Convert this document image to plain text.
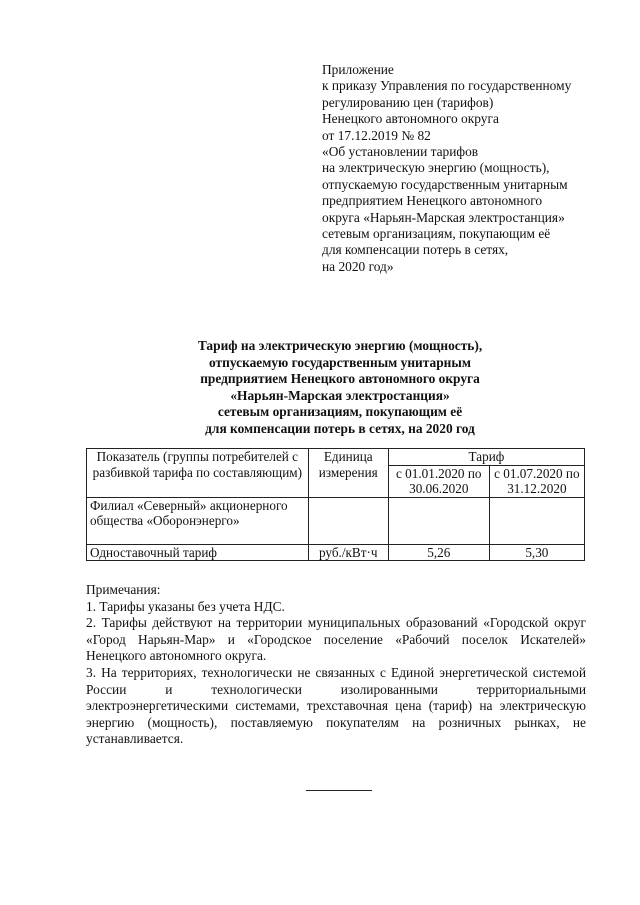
Приложение
к приказу Управления по государственному
регулированию цен (тарифов)
Ненецкого автономного округа
от 17.12.2019 № 82
«Об установлении тарифов
на электрическую энергию (мощность),
отпускаемую государственным унитарным
предприятием Ненецкого автономного
округа «Нарьян-Марская электростанция»
сетевым организациям, покупающим её
для компенсации потерь в сетях,
на 2020 год»
Тариф на электрическую энергию (мощность),
отпускаемую государственным унитарным
предприятием Ненецкого автономного округа
«Нарьян-Марская электростанция»
сетевым организациям, покупающим её
для компенсации потерь в сетях, на 2020 год
Показатель (группы потребителей с разбивкой тарифа по составляющим)	Единица измерения	Тариф	
		с 01.01.2020 по 30.06.2020	с 01.07.2020 по 31.12.2020
Филиал «Северный» акционерного общества «Оборонэнерго»			
Одноставочный тариф	руб./кВт·ч	5,26	5,30
Примечания:
1. Тарифы указаны без учета НДС.
2. Тарифы действуют на территории муниципальных образований «Городской округ «Город Нарьян-Мар» и «Городское поселение «Рабочий поселок Искателей» Ненецкого автономного округа.
3. На территориях, технологически не связанных с Единой энергетической системой России и технологически изолированными территориальными электроэнергетическими системами, трехставочная цена (тариф) на электрическую энергию (мощность), поставляемую покупателям на розничных рынках, не устанавливается.
